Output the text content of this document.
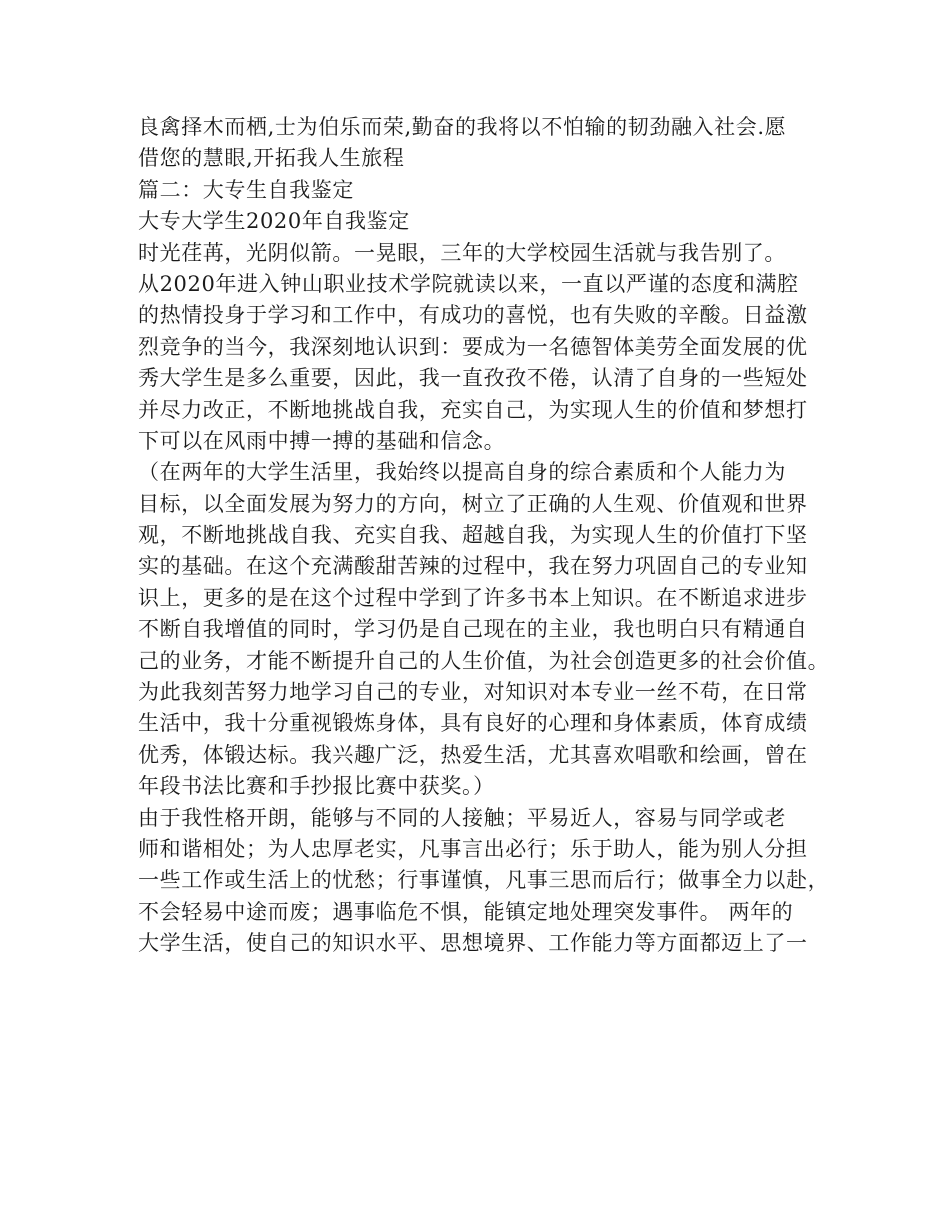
良禽择木而栖,士为伯乐而荣,勤奋的我将以不怕输的韧劲融入社会.愿
借您的慧眼,开拓我人生旅程
篇二：大专生自我鉴定
大专大学生2020年自我鉴定
时光荏苒，光阴似箭。一晃眼，三年的大学校园生活就与我告别了。
从2020年进入钟山职业技术学院就读以来，一直以严谨的态度和满腔
的热情投身于学习和工作中，有成功的喜悦，也有失败的辛酸。日益激
烈竞争的当今，我深刻地认识到：要成为一名德智体美劳全面发展的优
秀大学生是多么重要，因此，我一直孜孜不倦，认清了自身的一些短处
并尽力改正，不断地挑战自我，充实自己，为实现人生的价值和梦想打
下可以在风雨中搏一搏的基础和信念。
（在两年的大学生活里，我始终以提高自身的综合素质和个人能力为
目标，以全面发展为努力的方向，树立了正确的人生观、价值观和世界
观，不断地挑战自我、充实自我、超越自我，为实现人生的价值打下坚
实的基础。在这个充满酸甜苦辣的过程中，我在努力巩固自己的专业知
识上，更多的是在这个过程中学到了许多书本上知识。在不断追求进步
不断自我增值的同时，学习仍是自己现在的主业，我也明白只有精通自
己的业务，才能不断提升自己的人生价值，为社会创造更多的社会价值。
为此我刻苦努力地学习自己的专业，对知识对本专业一丝不苟，在日常
生活中，我十分重视锻炼身体，具有良好的心理和身体素质，体育成绩
优秀，体锻达标。我兴趣广泛，热爱生活，尤其喜欢唱歌和绘画，曾在
年段书法比赛和手抄报比赛中获奖。）
由于我性格开朗，能够与不同的人接触；平易近人，容易与同学或老
师和谐相处；为人忠厚老实，凡事言出必行；乐于助人，能为别人分担
一些工作或生活上的忧愁；行事谨慎，凡事三思而后行；做事全力以赴，
不会轻易中途而废；遇事临危不惧，能镇定地处理突发事件。 两年的
大学生活，使自己的知识水平、思想境界、工作能力等方面都迈上了一
